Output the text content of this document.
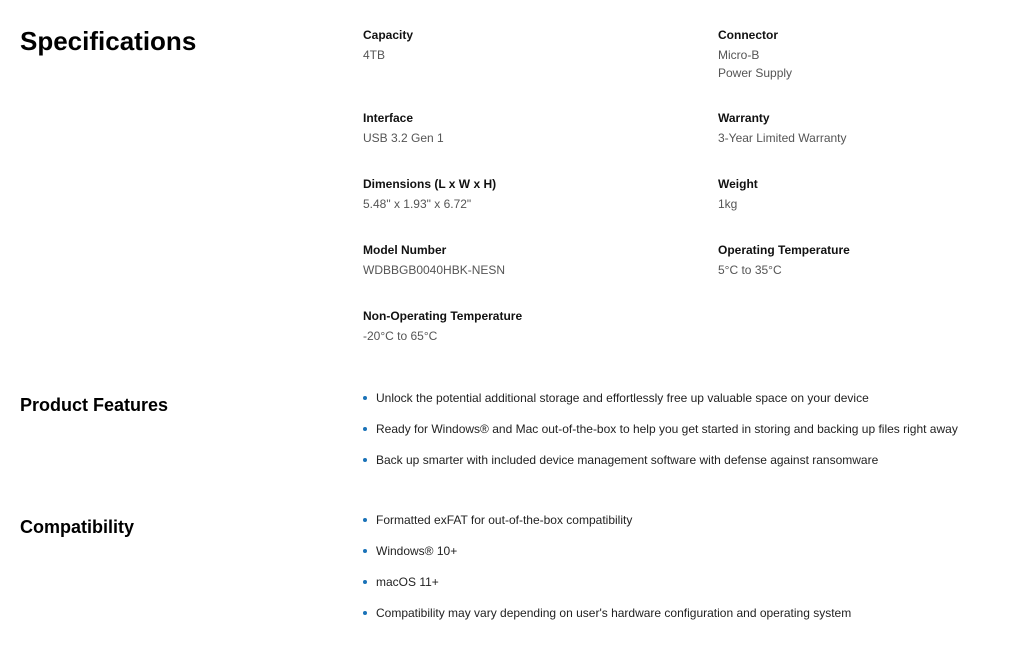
Specifications	Capacity
4TB
Connector
Micro-B
Power Supply
Interface
USB 3.2 Gen 1
Warranty
3-Year Limited Warranty
Dimensions (L x W x H)
5.48" x 1.93" x 6.72"
Weight
1kg
Model Number
WDBBGB0040HBK-NESN
Operating Temperature
5°C to 35°C
Non-Operating Temperature
-20°C to 65°C
Product Features	Unlock the potential additional storage and effortlessly free up valuable space on your device
Ready for Windows® and Mac out-of-the-box to help you get started in storing and backing up files right away
Back up smarter with included device management software with defense against ransomware
Compatibility	Formatted exFAT for out-of-the-box compatibility
Windows® 10+
macOS 11+
Compatibility may vary depending on user's hardware configuration and operating system
